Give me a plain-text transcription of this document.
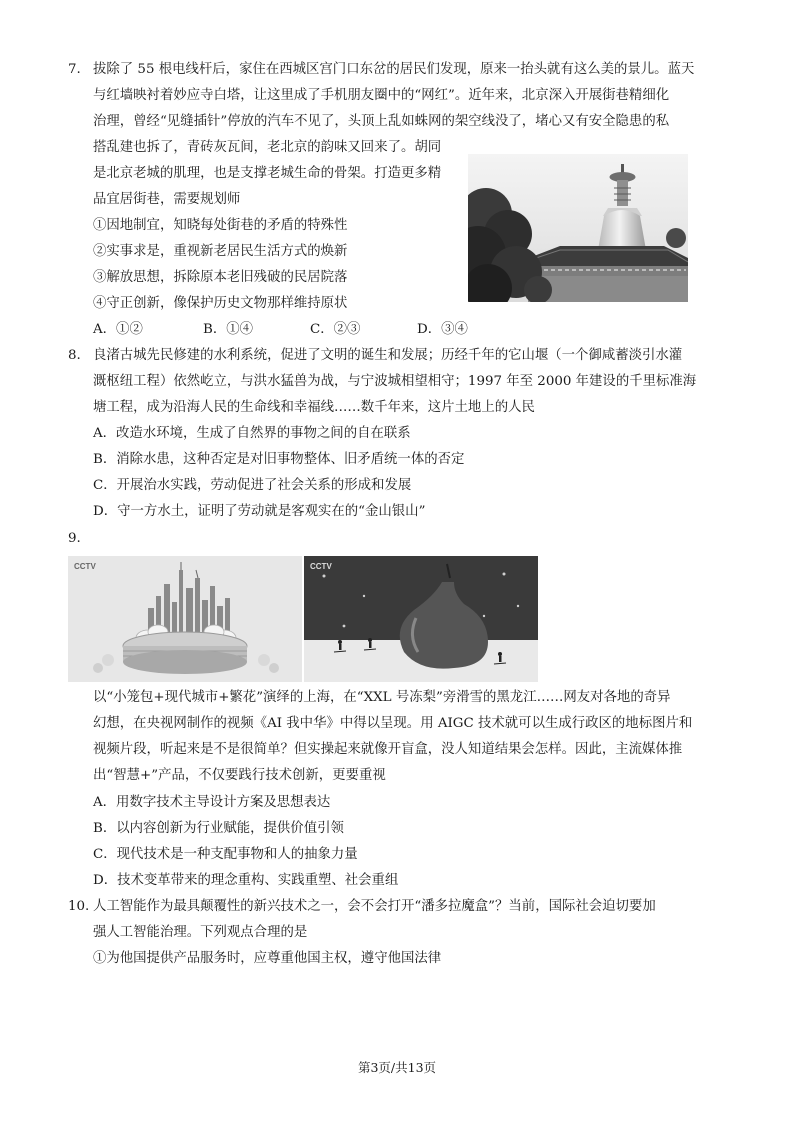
7. 拔除了 55 根电线杆后，家住在西城区宫门口东岔的居民们发现，原来一抬头就有这么美的景儿。蓝天
与红墙映衬着妙应寺白塔，让这里成了手机朋友圈中的“网红”。近年来，北京深入开展街巷精细化
治理，曾经“见缝插针”停放的汽车不见了，头顶上乱如蛛网的架空线没了，堵心又有安全隐患的私
搭乱建也拆了，青砖灰瓦间，老北京的韵味又回来了。胡同
是北京老城的肌理，也是支撑老城生命的骨架。打造更多精
品宜居街巷，需要规划师
①因地制宜，知晓每处街巷的矛盾的特殊性
②实事求是，重视新老居民生活方式的焕新
③解放思想，拆除原本老旧残破的民居院落
④守正创新，像保护历史文物那样维持原状
A．①②	B．①④	C．②③	D．③④
8. 良渚古城先民修建的水利系统，促进了文明的诞生和发展；历经千年的它山堰（一个御咸蓄淡引水灌
溉枢纽工程）依然屹立，与洪水猛兽为战，与宁波城相望相守；1997 年至 2000 年建设的千里标准海
塘工程，成为沿海人民的生命线和幸福线……数千年来，这片土地上的人民
A．改造水环境，生成了自然界的事物之间的自在联系
B．消除水患，这种否定是对旧事物整体、旧矛盾统一体的否定
C．开展治水实践，劳动促进了社会关系的形成和发展
D．守一方水土，证明了劳动就是客观实在的“金山银山”
9.
CCTV	CCTV
以“小笼包+现代城市+繁花”演绎的上海，在“XXL 号冻梨”旁滑雪的黑龙江……网友对各地的奇异
幻想，在央视网制作的视频《AI 我中华》中得以呈现。用 AIGC 技术就可以生成行政区的地标图片和
视频片段，听起来是不是很简单？但实操起来就像开盲盒，没人知道结果会怎样。因此，主流媒体推
出“智慧+”产品，不仅要践行技术创新，更要重视
A．用数字技术主导设计方案及思想表达
B．以内容创新为行业赋能，提供价值引领
C．现代技术是一种支配事物和人的抽象力量
D．技术变革带来的理念重构、实践重塑、社会重组
10. 人工智能作为最具颠覆性的新兴技术之一，会不会打开“潘多拉魔盒”？当前，国际社会迫切要加
强人工智能治理。下列观点合理的是
①为他国提供产品服务时，应尊重他国主权，遵守他国法律
第3页/共13页
